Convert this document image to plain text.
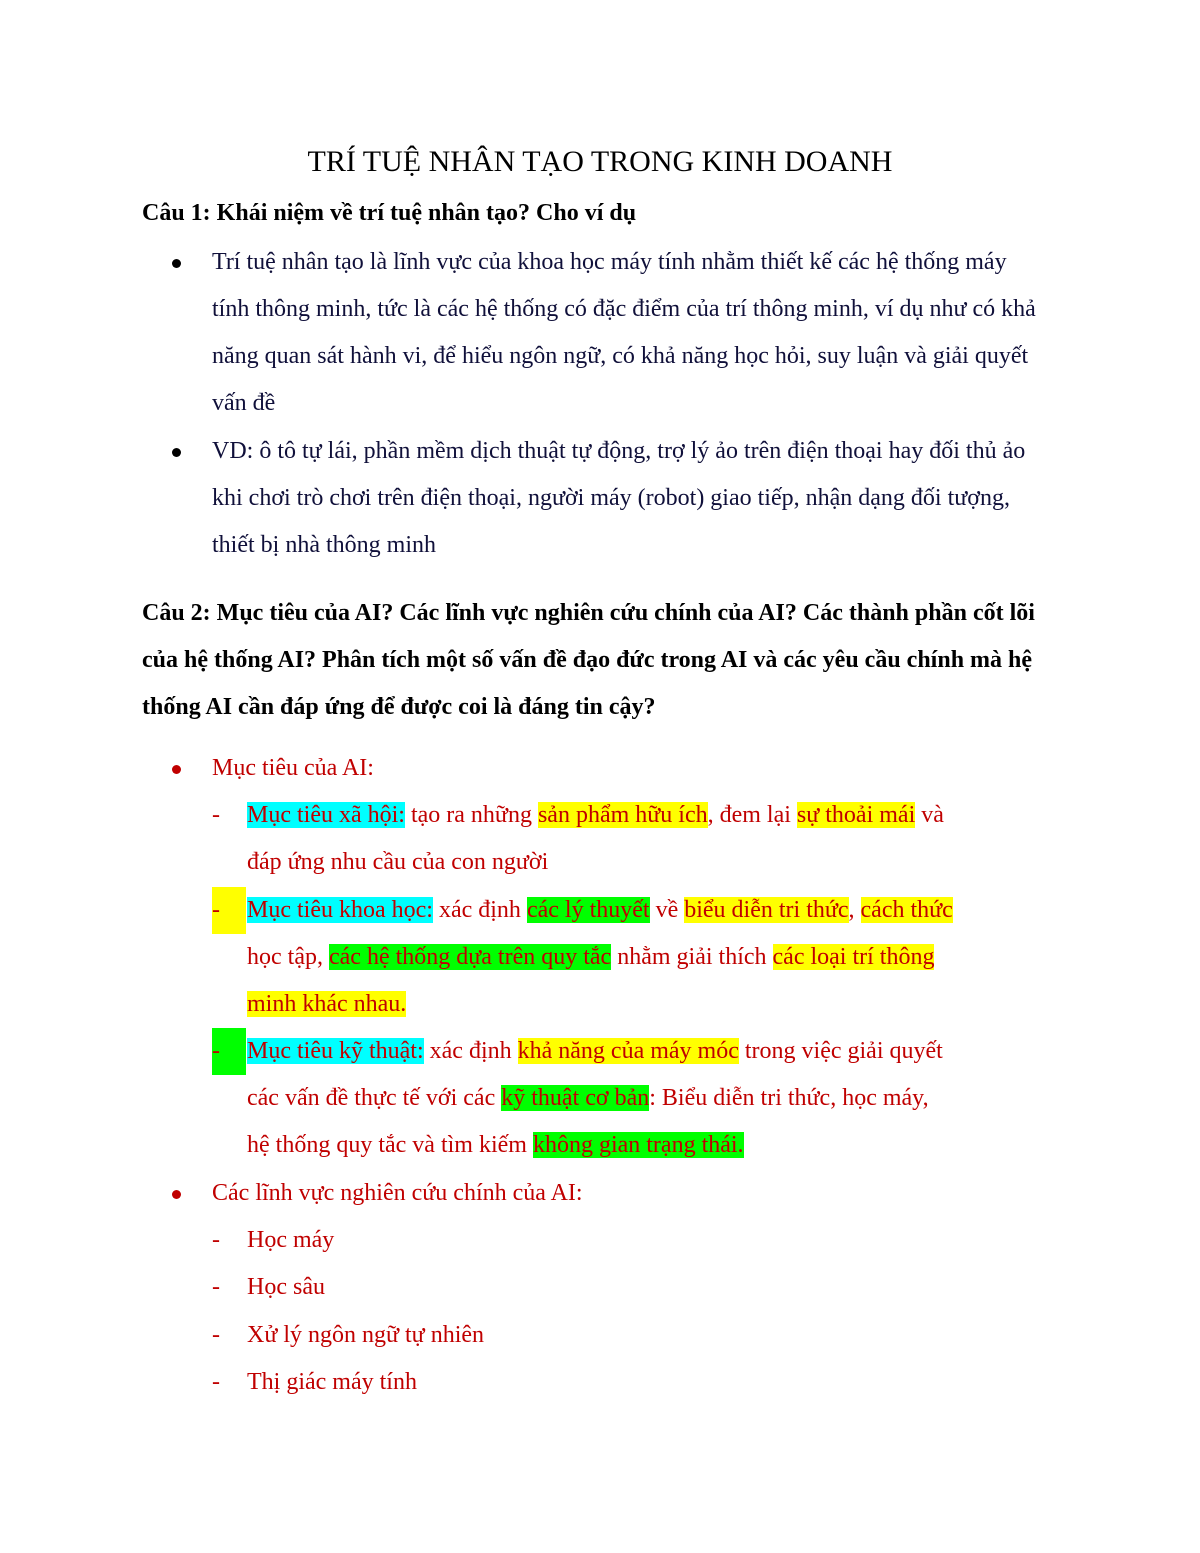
TRÍ TUỆ NHÂN TẠO TRONG KINH DOANH
Câu 1: Khái niệm về trí tuệ nhân tạo? Cho ví dụ
Trí tuệ nhân tạo là lĩnh vực của khoa học máy tính nhằm thiết kế các hệ thống máy tính thông minh, tức là các hệ thống có đặc điểm của trí thông minh, ví dụ như có khả năng quan sát hành vi, để hiểu ngôn ngữ, có khả năng học hỏi, suy luận và giải quyết vấn đề
VD: ô tô tự lái, phần mềm dịch thuật tự động, trợ lý ảo trên điện thoại hay đối thủ ảo khi chơi trò chơi trên điện thoại, người máy (robot) giao tiếp, nhận dạng đối tượng, thiết bị nhà thông minh
Câu 2: Mục tiêu của AI? Các lĩnh vực nghiên cứu chính của AI? Các thành phần cốt lõi của hệ thống AI? Phân tích một số vấn đề đạo đức trong AI và các yêu cầu chính mà hệ thống AI cần đáp ứng để được coi là đáng tin cậy?
Mục tiêu của AI:
-	Mục tiêu xã hội: tạo ra những sản phẩm hữu ích, đem lại sự thoải mái và
đáp ứng nhu cầu của con người
-	Mục tiêu khoa học: xác định các lý thuyết về biểu diễn tri thức, cách thức
học tập, các hệ thống dựa trên quy tắc nhằm giải thích các loại trí thông
minh khác nhau.
-	Mục tiêu kỹ thuật: xác định khả năng của máy móc trong việc giải quyết
các vấn đề thực tế với các kỹ thuật cơ bản: Biểu diễn tri thức, học máy,
hệ thống quy tắc và tìm kiếm không gian trạng thái.
Các lĩnh vực nghiên cứu chính của AI:
-	Học máy
-	Học sâu
-	Xử lý ngôn ngữ tự nhiên
-	Thị giác máy tính
